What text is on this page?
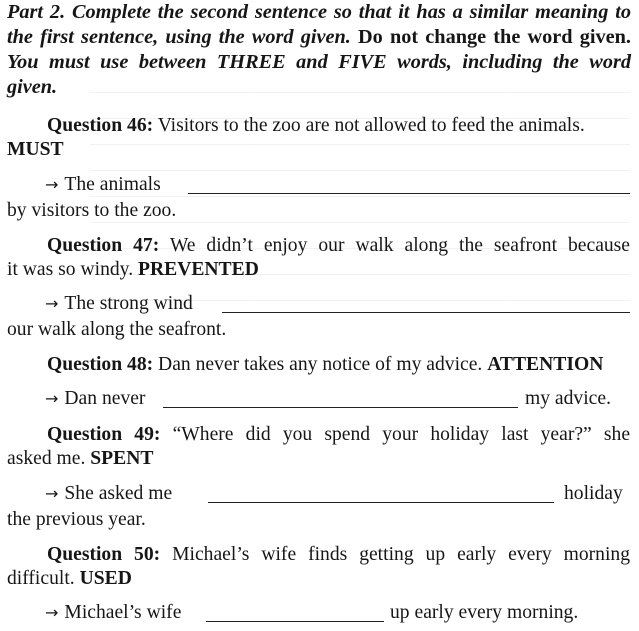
Part 2. Complete the second sentence so that it has a similar meaning to the first sentence, using the word given. Do not change the word given. You must use between THREE and FIVE words, including the word given.

Question 46: Visitors to the zoo are not allowed to feed the animals.
MUST
→ The animals
by visitors to the zoo.
Question 47: We didn’t enjoy our walk along the seafront because
it was so windy. PREVENTED
→ The strong wind
our walk along the seafront.
Question 48: Dan never takes any notice of my advice. ATTENTION
→ Dan never	my advice.
Question 49: “Where did you spend your holiday last year?” she
asked me. SPENT
→ She asked me	holiday
the previous year.
Question 50: Michael’s wife finds getting up early every morning
difficult. USED
→ Michael’s wife	up early every morning.
